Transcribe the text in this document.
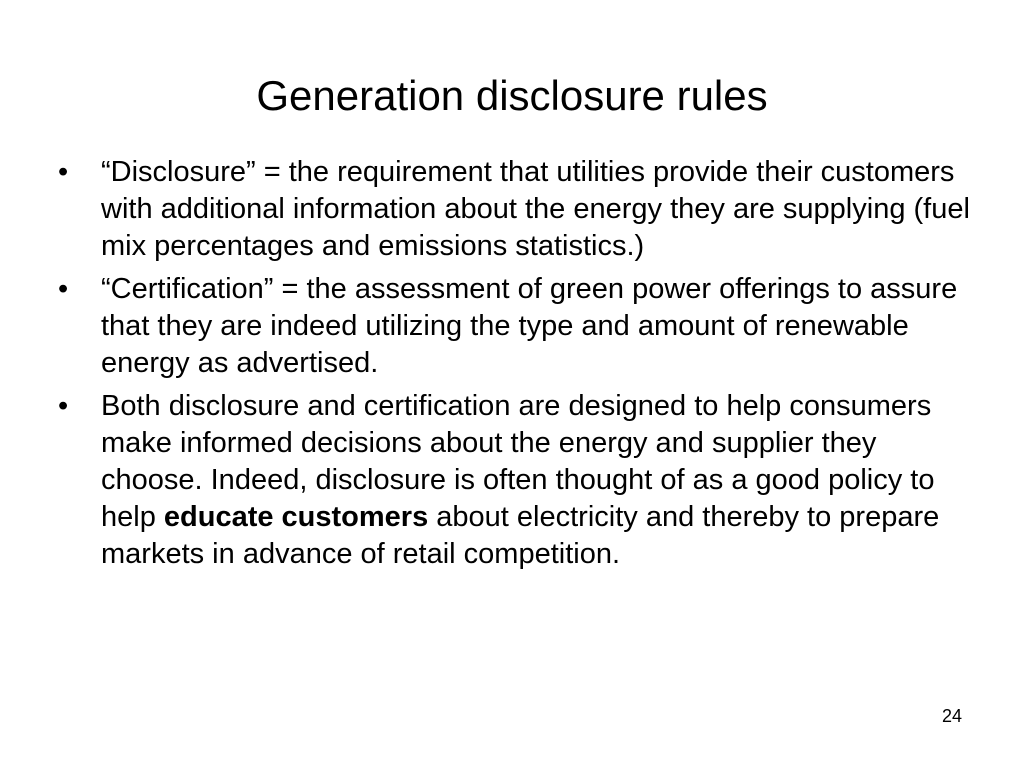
Generation disclosure rules
•	“Disclosure” = the requirement that utilities provide their customers with additional information about the energy they are supplying (fuel mix percentages and emissions statistics.)
•	“Certification” = the assessment of green power offerings to assure that they are indeed utilizing the type and amount of renewable energy as advertised.
•	Both disclosure and certification are designed to help consumers make informed decisions about the energy and supplier they choose. Indeed, disclosure is often thought of as a good policy to help educate customers about electricity and thereby to prepare markets in advance of retail competition.
24
